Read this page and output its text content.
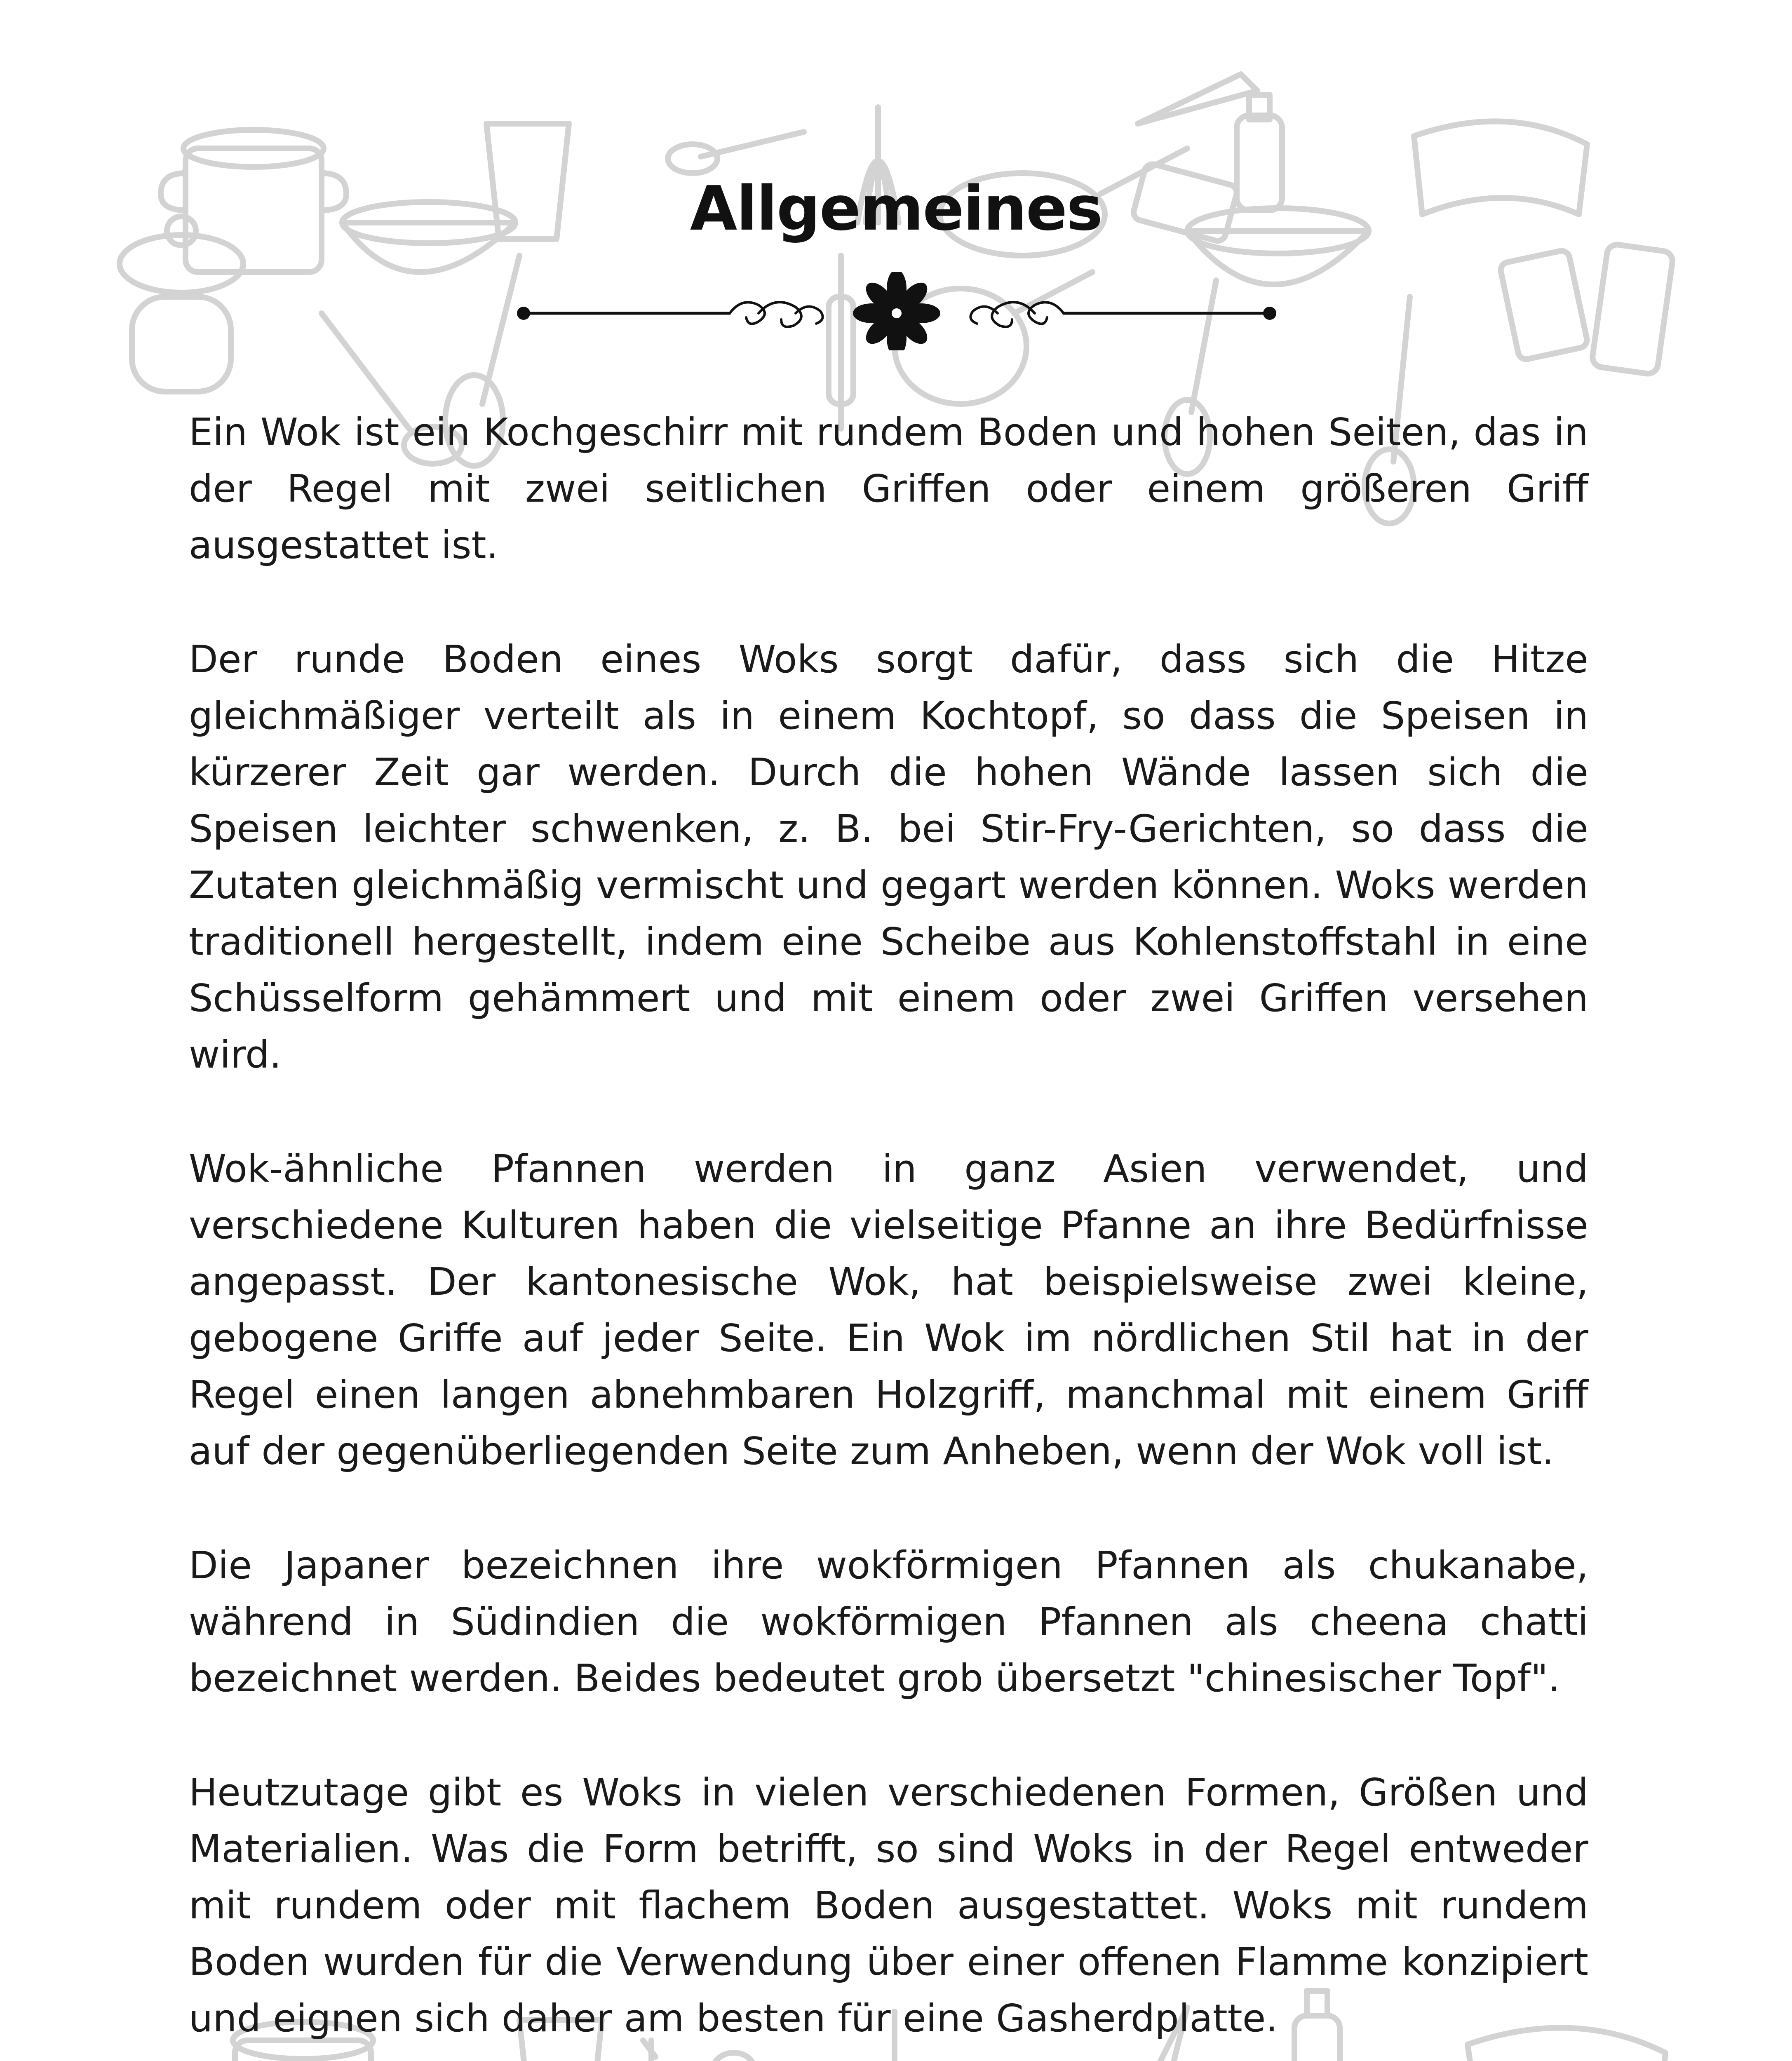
Allgemeines

Ein Wok ist ein Kochgeschirr mit rundem Boden und hohen Seiten, das in der Regel mit zwei seitlichen Griffen oder einem größeren Griff ausgestattet ist.

Der runde Boden eines Woks sorgt dafür, dass sich die Hitze gleichmäßiger verteilt als in einem Kochtopf, so dass die Speisen in kürzerer Zeit gar werden. Durch die hohen Wände lassen sich die Speisen leichter schwenken, z. B. bei Stir-Fry-Gerichten, so dass die Zutaten gleichmäßig vermischt und gegart werden können. Woks werden traditionell hergestellt, indem eine Scheibe aus Kohlenstoffstahl in eine Schüsselform gehämmert und mit einem oder zwei Griffen versehen wird.

Wok-ähnliche Pfannen werden in ganz Asien verwendet, und verschiedene Kulturen haben die vielseitige Pfanne an ihre Bedürfnisse angepasst. Der kantonesische Wok, hat beispielsweise zwei kleine, gebogene Griffe auf jeder Seite. Ein Wok im nördlichen Stil hat in der Regel einen langen abnehmbaren Holzgriff, manchmal mit einem Griff auf der gegenüberliegenden Seite zum Anheben, wenn der Wok voll ist.

Die Japaner bezeichnen ihre wokförmigen Pfannen als chukanabe, während in Südindien die wokförmigen Pfannen als cheena chatti bezeichnet werden. Beides bedeutet grob übersetzt "chinesischer Topf".

Heutzutage gibt es Woks in vielen verschiedenen Formen, Größen und Materialien. Was die Form betrifft, so sind Woks in der Regel entweder mit rundem oder mit flachem Boden ausgestattet. Woks mit rundem Boden wurden für die Verwendung über einer offenen Flamme konzipiert und eignen sich daher am besten für eine Gasherdplatte.
